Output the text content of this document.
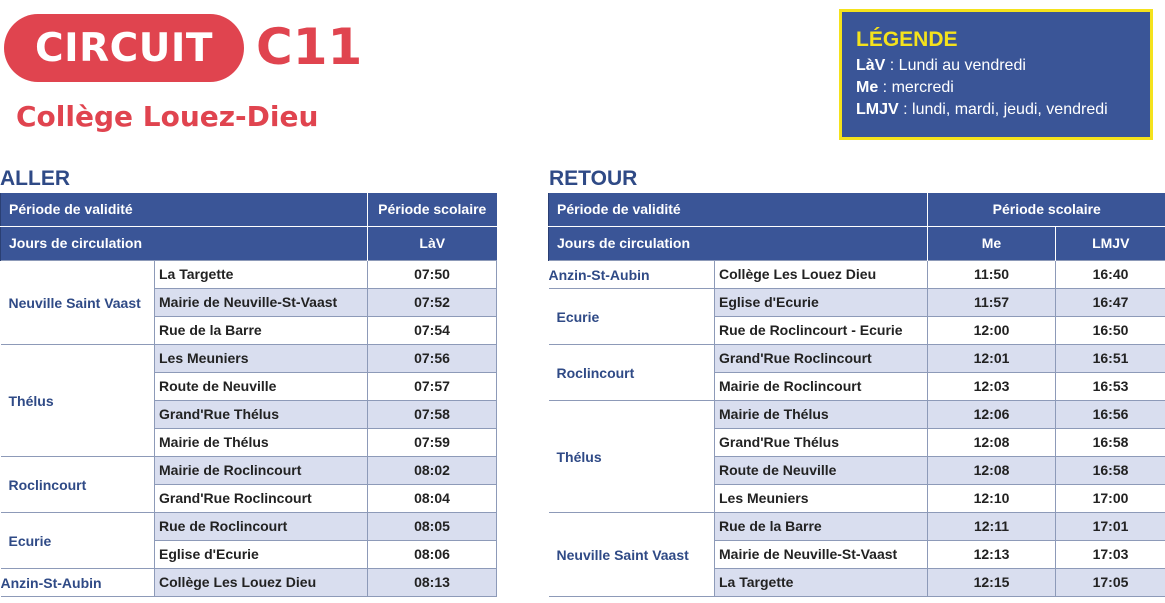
CIRCUIT C11
Collège Louez-Dieu
LÉGENDE
LàV : Lundi au vendredi
Me : mercredi
LMJV : lundi, mardi, jeudi, vendredi
ALLER
Période de validité		Période scolaire
Jours de circulation		LàV
Neuville Saint Vaast	La Targette	07:50
	Mairie de Neuville-St-Vaast	07:52
	Rue de la Barre	07:54
Thélus	Les Meuniers	07:56
	Route de Neuville	07:57
	Grand'Rue Thélus	07:58
	Mairie de Thélus	07:59
Roclincourt	Mairie de Roclincourt	08:02
	Grand'Rue Roclincourt	08:04
Ecurie	Rue de Roclincourt	08:05
	Eglise d'Ecurie	08:06
Anzin-St-Aubin	Collège Les Louez Dieu	08:13
RETOUR
Période de validité		Période scolaire	
Jours de circulation		Me	LMJV
Anzin-St-Aubin	Collège Les Louez Dieu	11:50	16:40
Ecurie	Eglise d'Ecurie	11:57	16:47
	Rue de Roclincourt - Ecurie	12:00	16:50
Roclincourt	Grand'Rue Roclincourt	12:01	16:51
	Mairie de Roclincourt	12:03	16:53
Thélus	Mairie de Thélus	12:06	16:56
	Grand'Rue Thélus	12:08	16:58
	Route de Neuville	12:08	16:58
	Les Meuniers	12:10	17:00
Neuville Saint Vaast	Rue de la Barre	12:11	17:01
	Mairie de Neuville-St-Vaast	12:13	17:03
	La Targette	12:15	17:05
